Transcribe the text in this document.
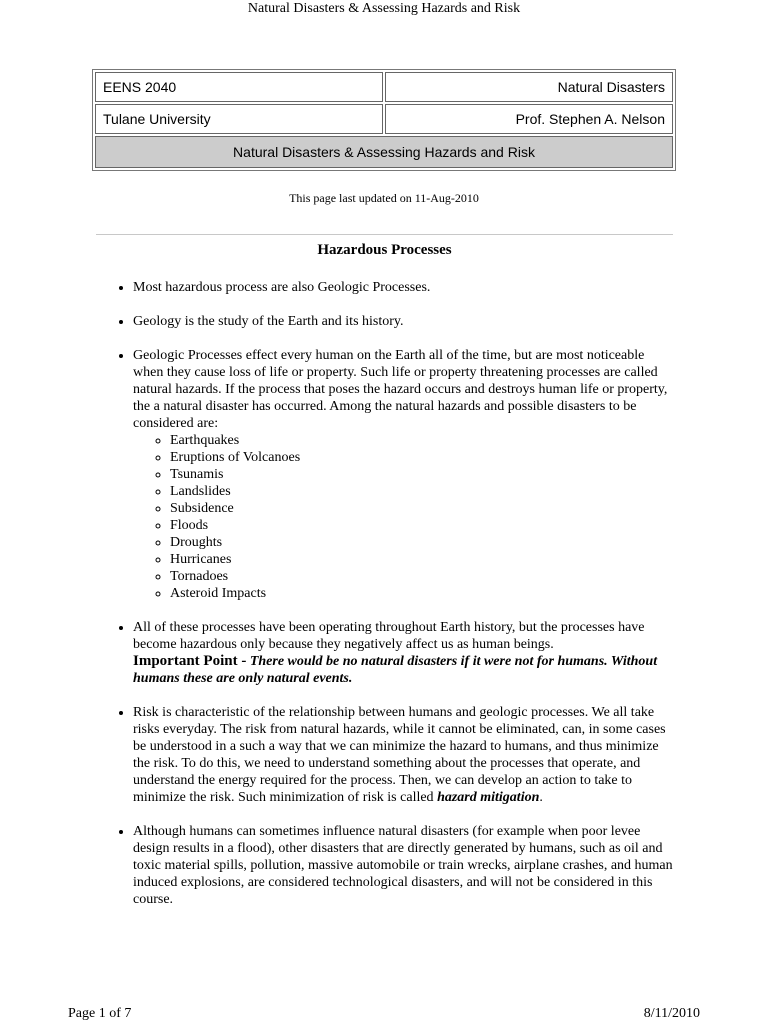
Natural Disasters & Assessing Hazards and Risk
EENS 2040	Natural Disasters
Tulane University	Prof. Stephen A. Nelson
Natural Disasters & Assessing Hazards and Risk	
This page last updated on 11-Aug-2010
Hazardous Processes
• Most hazardous process are also Geologic Processes.
• Geology is the study of the Earth and its history.
• Geologic Processes effect every human on the Earth all of the time, but are most noticeable when they cause loss of life or property. Such life or property threatening processes are called natural hazards. If the process that poses the hazard occurs and destroys human life or property, the a natural disaster has occurred. Among the natural hazards and possible disasters to be considered are:
◦ Earthquakes
◦ Eruptions of Volcanoes
◦ Tsunamis
◦ Landslides
◦ Subsidence
◦ Floods
◦ Droughts
◦ Hurricanes
◦ Tornadoes
◦ Asteroid Impacts
• All of these processes have been operating throughout Earth history, but the processes have become hazardous only because they negatively affect us as human beings.
Important Point - There would be no natural disasters if it were not for humans. Without humans these are only natural events.
• Risk is characteristic of the relationship between humans and geologic processes. We all take risks everyday. The risk from natural hazards, while it cannot be eliminated, can, in some cases be understood in a such a way that we can minimize the hazard to humans, and thus minimize the risk. To do this, we need to understand something about the processes that operate, and understand the energy required for the process. Then, we can develop an action to take to minimize the risk. Such minimization of risk is called hazard mitigation.
• Although humans can sometimes influence natural disasters (for example when poor levee design results in a flood), other disasters that are directly generated by humans, such as oil and toxic material spills, pollution, massive automobile or train wrecks, airplane crashes, and human induced explosions, are considered technological disasters, and will not be considered in this course.
Page 1 of 7	8/11/2010
